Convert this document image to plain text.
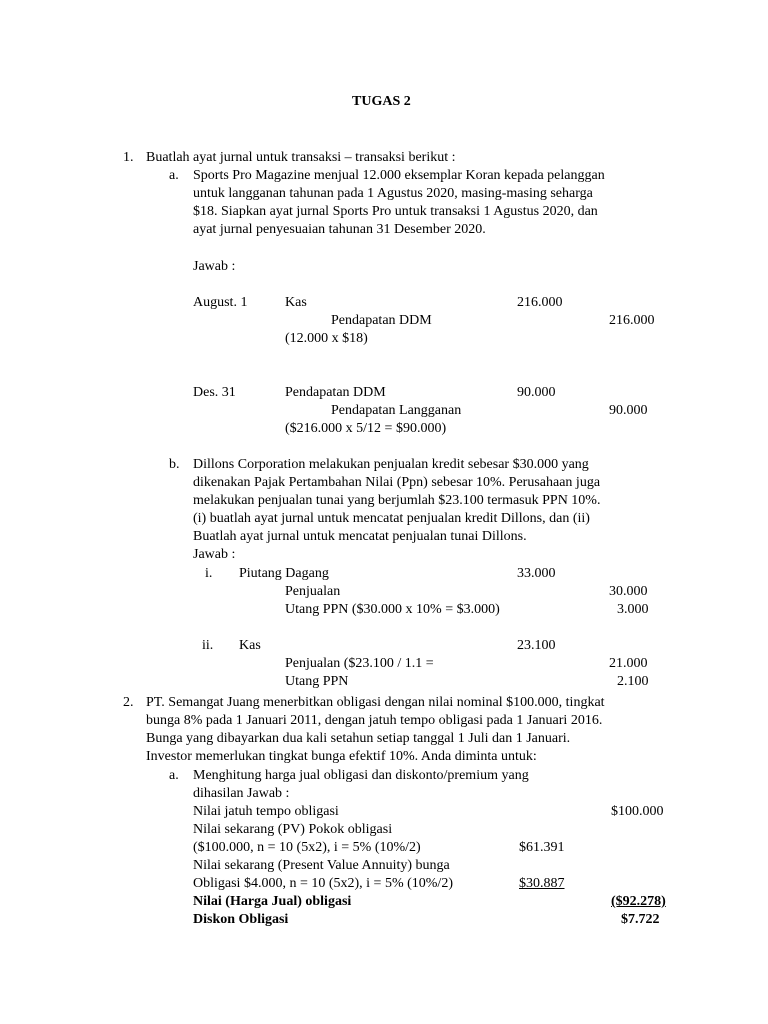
TUGAS 2
1. Buatlah ayat jurnal untuk transaksi – transaksi berikut :
a. Sports Pro Magazine menjual 12.000 eksemplar Koran kepada pelanggan
untuk langganan tahunan pada 1 Agustus 2020, masing-masing seharga
$18. Siapkan ayat jurnal Sports Pro untuk transaksi 1 Agustus 2020, dan
ayat jurnal penyesuaian tahunan 31 Desember 2020.
Jawab :
August. 1	Kas	216.000
Pendapatan DDM	216.000
(12.000 x $18)
Des. 31	Pendapatan DDM	90.000
Pendapatan Langganan	90.000
($216.000 x 5/12 = $90.000)
b. Dillons Corporation melakukan penjualan kredit sebesar $30.000 yang
dikenakan Pajak Pertambahan Nilai (Ppn) sebesar 10%. Perusahaan juga
melakukan penjualan tunai yang berjumlah $23.100 termasuk PPN 10%.
(i) buatlah ayat jurnal untuk mencatat penjualan kredit Dillons, dan (ii)
Buatlah ayat jurnal untuk mencatat penjualan tunai Dillons.
Jawab :
i. Piutang Dagang	33.000
Penjualan	30.000
Utang PPN ($30.000 x 10% = $3.000)	3.000
ii. Kas	23.100
Penjualan ($23.100 / 1.1 =	21.000
Utang PPN	2.100
2. PT. Semangat Juang menerbitkan obligasi dengan nilai nominal $100.000, tingkat
bunga 8% pada 1 Januari 2011, dengan jatuh tempo obligasi pada 1 Januari 2016.
Bunga yang dibayarkan dua kali setahun setiap tanggal 1 Juli dan 1 Januari.
Investor memerlukan tingkat bunga efektif 10%. Anda diminta untuk:
a. Menghitung harga jual obligasi dan diskonto/premium yang
dihasilan Jawab :
Nilai jatuh tempo obligasi	$100.000
Nilai sekarang (PV) Pokok obligasi
($100.000, n = 10 (5x2), i = 5% (10%/2)	$61.391
Nilai sekarang (Present Value Annuity) bunga
Obligasi $4.000, n = 10 (5x2), i = 5% (10%/2)	$30.887
Nilai (Harga Jual) obligasi	($92.278)
Diskon Obligasi	$7.722
